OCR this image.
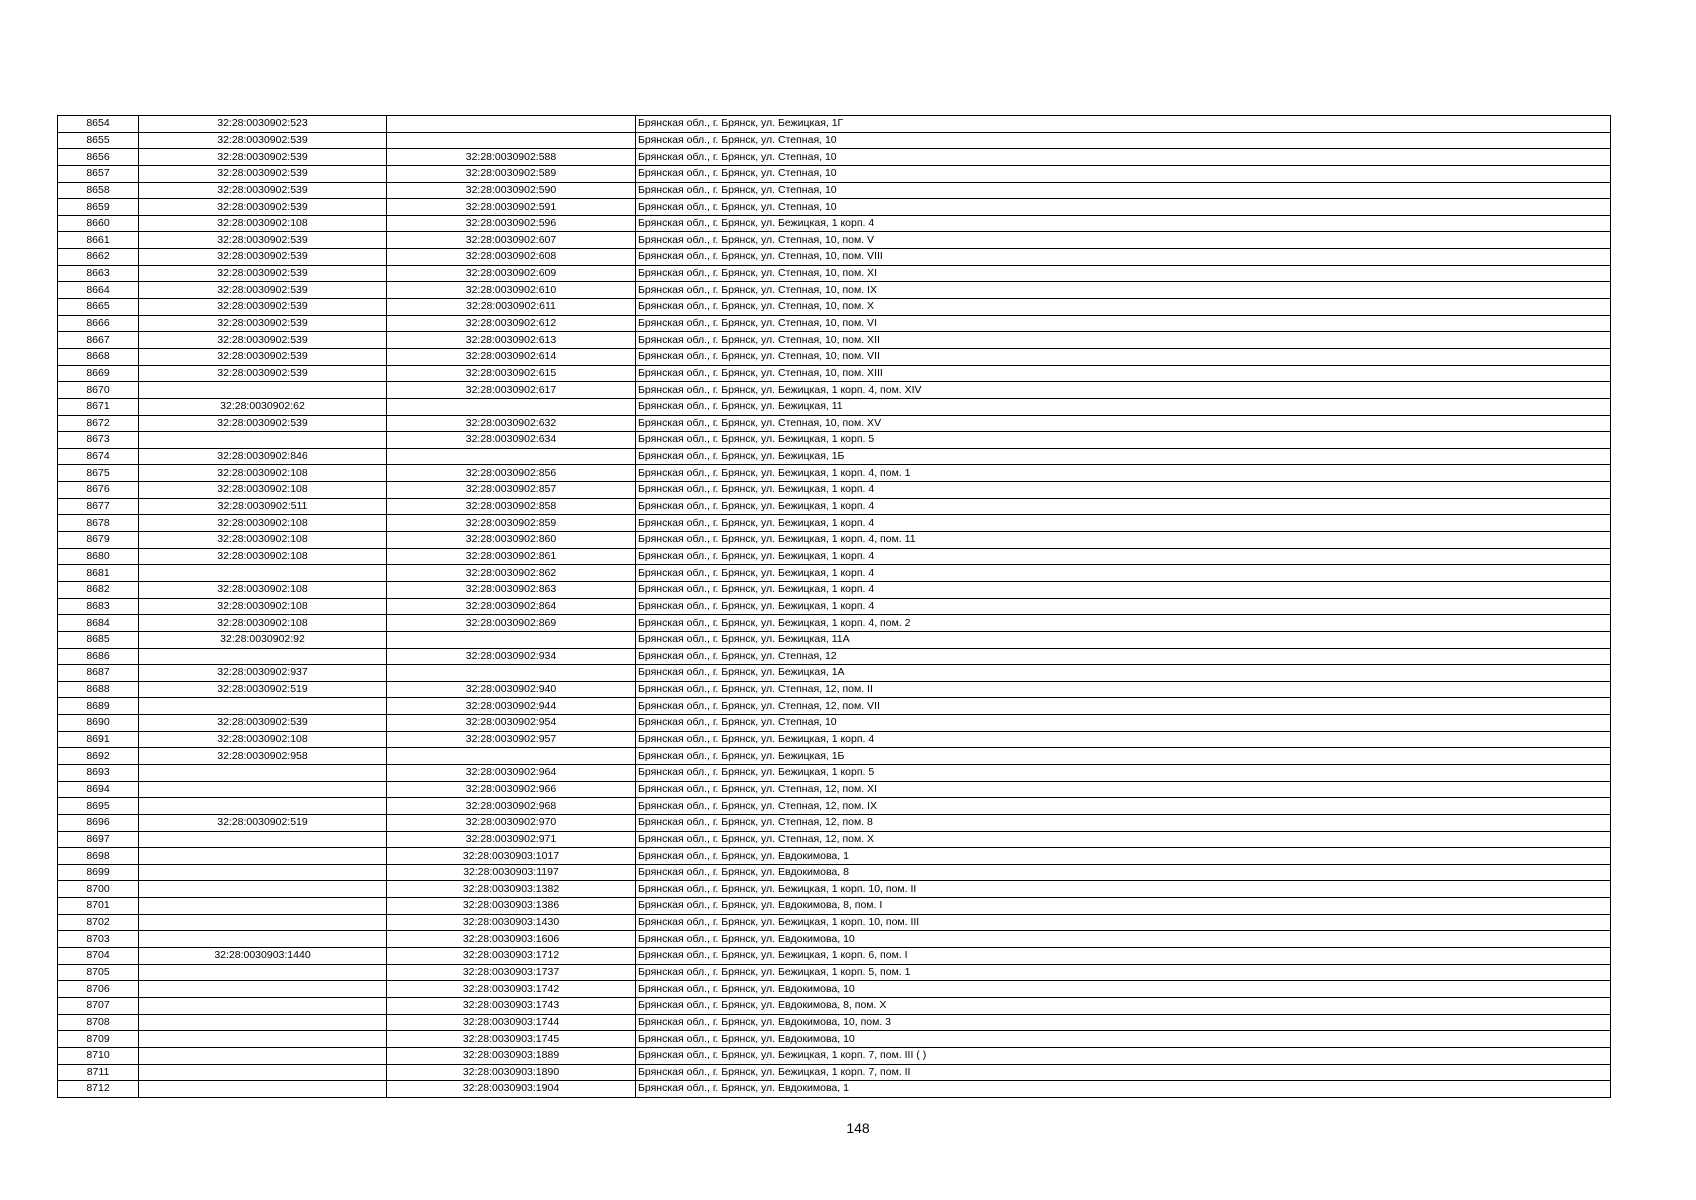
8654	32:28:0030902:523		Брянская обл., г. Брянск, ул. Бежицкая, 1Г
8655	32:28:0030902:539		Брянская обл., г. Брянск, ул. Степная, 10
8656	32:28:0030902:539	32:28:0030902:588	Брянская обл., г. Брянск, ул. Степная, 10
8657	32:28:0030902:539	32:28:0030902:589	Брянская обл., г. Брянск, ул. Степная, 10
8658	32:28:0030902:539	32:28:0030902:590	Брянская обл., г. Брянск, ул. Степная, 10
8659	32:28:0030902:539	32:28:0030902:591	Брянская обл., г. Брянск, ул. Степная, 10
8660	32:28:0030902:108	32:28:0030902:596	Брянская обл., г. Брянск, ул. Бежицкая, 1 корп. 4
8661	32:28:0030902:539	32:28:0030902:607	Брянская обл., г. Брянск, ул. Степная, 10, пом. V
8662	32:28:0030902:539	32:28:0030902:608	Брянская обл., г. Брянск, ул. Степная, 10, пом. VIII
8663	32:28:0030902:539	32:28:0030902:609	Брянская обл., г. Брянск, ул. Степная, 10, пом. XI
8664	32:28:0030902:539	32:28:0030902:610	Брянская обл., г. Брянск, ул. Степная, 10, пом. IX
8665	32:28:0030902:539	32:28:0030902:611	Брянская обл., г. Брянск, ул. Степная, 10, пом. X
8666	32:28:0030902:539	32:28:0030902:612	Брянская обл., г. Брянск, ул. Степная, 10, пом. VI
8667	32:28:0030902:539	32:28:0030902:613	Брянская обл., г. Брянск, ул. Степная, 10, пом. XII
8668	32:28:0030902:539	32:28:0030902:614	Брянская обл., г. Брянск, ул. Степная, 10, пом. VII
8669	32:28:0030902:539	32:28:0030902:615	Брянская обл., г. Брянск, ул. Степная, 10, пом. XIII
8670		32:28:0030902:617	Брянская обл., г. Брянск, ул. Бежицкая, 1 корп. 4, пом. XIV
8671	32:28:0030902:62		Брянская обл., г. Брянск, ул. Бежицкая, 11
8672	32:28:0030902:539	32:28:0030902:632	Брянская обл., г. Брянск, ул. Степная, 10, пом. XV
8673		32:28:0030902:634	Брянская обл., г. Брянск, ул. Бежицкая, 1 корп. 5
8674	32:28:0030902:846		Брянская обл., г. Брянск, ул. Бежицкая, 1Б
8675	32:28:0030902:108	32:28:0030902:856	Брянская обл., г. Брянск, ул. Бежицкая, 1 корп. 4, пом. 1
8676	32:28:0030902:108	32:28:0030902:857	Брянская обл., г. Брянск, ул. Бежицкая, 1 корп. 4
8677	32:28:0030902:511	32:28:0030902:858	Брянская обл., г. Брянск, ул. Бежицкая, 1 корп. 4
8678	32:28:0030902:108	32:28:0030902:859	Брянская обл., г. Брянск, ул. Бежицкая, 1 корп. 4
8679	32:28:0030902:108	32:28:0030902:860	Брянская обл., г. Брянск, ул. Бежицкая, 1 корп. 4, пом. 11
8680	32:28:0030902:108	32:28:0030902:861	Брянская обл., г. Брянск, ул. Бежицкая, 1 корп. 4
8681		32:28:0030902:862	Брянская обл., г. Брянск, ул. Бежицкая, 1 корп. 4
8682	32:28:0030902:108	32:28:0030902:863	Брянская обл., г. Брянск, ул. Бежицкая, 1 корп. 4
8683	32:28:0030902:108	32:28:0030902:864	Брянская обл., г. Брянск, ул. Бежицкая, 1 корп. 4
8684	32:28:0030902:108	32:28:0030902:869	Брянская обл., г. Брянск, ул. Бежицкая, 1 корп. 4, пом. 2
8685	32:28:0030902:92		Брянская обл., г. Брянск, ул. Бежицкая, 11А
8686		32:28:0030902:934	Брянская обл., г. Брянск, ул. Степная, 12
8687	32:28:0030902:937		Брянская обл., г. Брянск, ул. Бежицкая, 1А
8688	32:28:0030902:519	32:28:0030902:940	Брянская обл., г. Брянск, ул. Степная, 12, пом. II
8689		32:28:0030902:944	Брянская обл., г. Брянск, ул. Степная, 12, пом. VII
8690	32:28:0030902:539	32:28:0030902:954	Брянская обл., г. Брянск, ул. Степная, 10
8691	32:28:0030902:108	32:28:0030902:957	Брянская обл., г. Брянск, ул. Бежицкая, 1 корп. 4
8692	32:28:0030902:958		Брянская обл., г. Брянск, ул. Бежицкая, 1Б
8693		32:28:0030902:964	Брянская обл., г. Брянск, ул. Бежицкая, 1 корп. 5
8694		32:28:0030902:966	Брянская обл., г. Брянск, ул. Степная, 12, пом. XI
8695		32:28:0030902:968	Брянская обл., г. Брянск, ул. Степная, 12, пом. IX
8696	32:28:0030902:519	32:28:0030902:970	Брянская обл., г. Брянск, ул. Степная, 12, пом. 8
8697		32:28:0030902:971	Брянская обл., г. Брянск, ул. Степная, 12, пом. X
8698		32:28:0030903:1017	Брянская обл., г. Брянск, ул. Евдокимова, 1
8699		32:28:0030903:1197	Брянская обл., г. Брянск, ул. Евдокимова, 8
8700		32:28:0030903:1382	Брянская обл., г. Брянск, ул. Бежицкая, 1 корп. 10, пом. II
8701		32:28:0030903:1386	Брянская обл., г. Брянск, ул. Евдокимова, 8, пом. I
8702		32:28:0030903:1430	Брянская обл., г. Брянск, ул. Бежицкая, 1 корп. 10, пом. III
8703		32:28:0030903:1606	Брянская обл., г. Брянск, ул. Евдокимова, 10
8704	32:28:0030903:1440	32:28:0030903:1712	Брянская обл., г. Брянск, ул. Бежицкая, 1 корп. 6, пом. I
8705		32:28:0030903:1737	Брянская обл., г. Брянск, ул. Бежицкая, 1 корп. 5, пом. 1
8706		32:28:0030903:1742	Брянская обл., г. Брянск, ул. Евдокимова, 10
8707		32:28:0030903:1743	Брянская обл., г. Брянск, ул. Евдокимова, 8, пом. X
8708		32:28:0030903:1744	Брянская обл., г. Брянск, ул. Евдокимова, 10, пом. 3
8709		32:28:0030903:1745	Брянская обл., г. Брянск, ул. Евдокимова, 10
8710		32:28:0030903:1889	Брянская обл., г. Брянск, ул. Бежицкая, 1 корп. 7, пом. III ( )
8711		32:28:0030903:1890	Брянская обл., г. Брянск, ул. Бежицкая, 1 корп. 7, пом. II
8712		32:28:0030903:1904	Брянская обл., г. Брянск, ул. Евдокимова, 1
148
